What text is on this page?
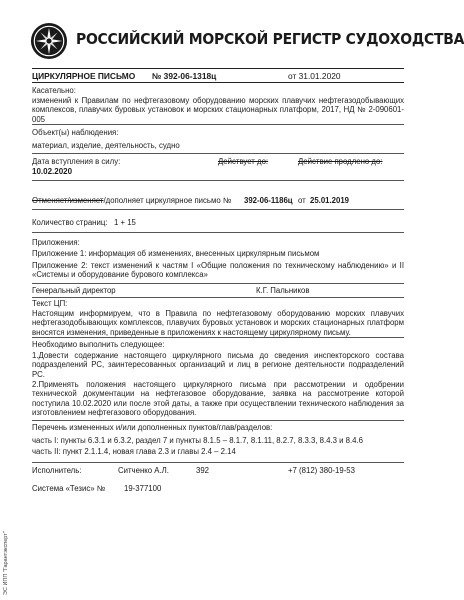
РОССИЙСКИЙ МОРСКОЙ РЕГИСТР СУДОХОДСТВА
ЦИРКУЛЯРНОЕ ПИСЬМО № 392-06-1318ц	от 31.01.2020
Касательно:
изменений к Правилам по нефтегазовому оборудованию морских плавучих нефтегазодобывающих комплексов, плавучих буровых установок и морских стационарных платформ, 2017, НД № 2-090601-005
Объект(ы) наблюдения:
материал, изделие, деятельность, судно
Дата вступления в силу:
10.02.2020
Действует до:	Действие продлено до:
Отменяет/изменяет/дополняет циркулярное письмо № 392-06-1186ц от 25.01.2019
Количество страниц: 1 + 15
Приложения:
Приложение 1: информация об изменениях, внесенных циркулярным письмом
Приложение 2: текст изменений к частям I «Общие положения по техническому наблюдению» и II «Системы и оборудование бурового комплекса»
Генеральный директор	К.Г. Пальников
Текст ЦП:
Настоящим информируем, что в Правила по нефтегазовому оборудованию морских плавучих нефтегазодобывающих комплексов, плавучих буровых установок и морских стационарных платформ вносятся изменения, приведенные в приложениях к настоящему циркулярному письму.
Необходимо выполнить следующее:
1.Довести содержание настоящего циркулярного письма до сведения инспекторского состава подразделений РС, заинтересованных организаций и лиц в регионе деятельности подразделений РС.
2.Применять положения настоящего циркулярного письма при рассмотрении и одобрении технической документации на нефтегазовое оборудование, заявка на рассмотрение которой поступила 10.02.2020 или после этой даты, а также при осуществлении технического наблюдения за изготовлением нефтегазового оборудования.
Перечень измененных и/или дополненных пунктов/глав/разделов:
часть I: пункты 6.3.1 и 6.3.2, раздел 7 и пункты 8.1.5 – 8.1.7, 8.1.11, 8.2.7, 8.3.3, 8.4.3 и 8.4.6
часть II: пункт 2.1.1.4, новая глава 2.3 и главы 2.4 – 2.14
Исполнитель:	Ситченко А.Л.	392	+7 (812) 380-19-53
Система «Тезис» № 19-377100
ЭС ИПП "Гарантэксперт"
